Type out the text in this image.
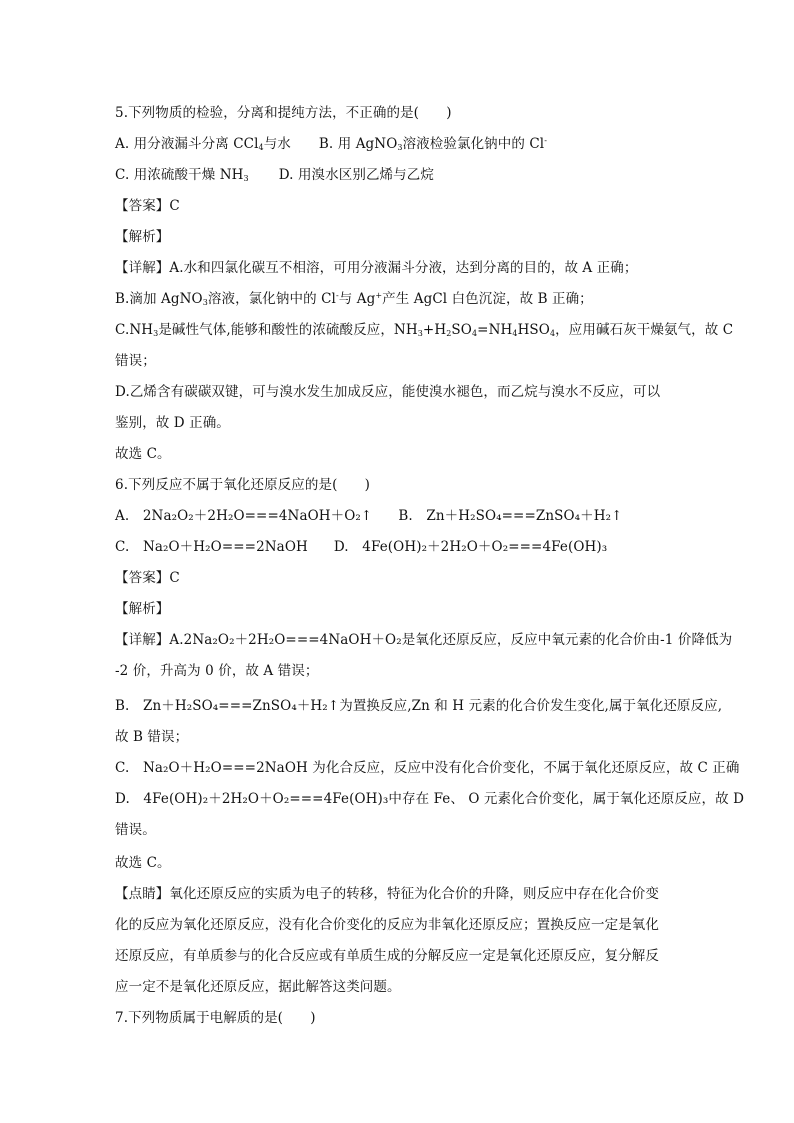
5.下列物质的检验，分离和提纯方法，不正确的是(　　)
A. 用分液漏斗分离 CCl$_4$与水 B. 用 AgNO$_3$溶液检验氯化钠中的 Cl-
C. 用浓硫酸干燥 $NH_3$ D. 用溴水区别乙烯与乙烷
【答案】C
【解析】
【详解】A.水和四氯化碳互不相溶，可用分液漏斗分液，达到分离的目的，故 A 正确；
B.滴加 AgNO$_3$溶液，氯化钠中的 Cl-与 Ag+产生 AgCl 白色沉淀，故 B 正确；
$C.NH_3$是碱性气体,能够和酸性的浓硫酸反应，$NH_3+H_2SO_4=NH_4HSO_4$，应用碱石灰干燥氨气，故 C
错误；
D.乙烯含有碳碳双键，可与溴水发生加成反应，能使溴水褪色，而乙烷与溴水不反应，可以
鉴别，故 D 正确。
故选 C。
6.下列反应不属于氧化还原反应的是(　　)
A.　2Na₂O₂＋2H₂O===4NaOH＋O₂↑ B.　Zn＋H₂SO₄===ZnSO₄＋H₂↑
C.　Na₂O＋H₂O===2NaOH D.　4Fe(OH)₂＋2H₂O＋O₂===4Fe(OH)₃
【答案】C
【解析】
【详解】A.2Na₂O₂＋2H₂O===4NaOH＋O₂是氧化还原反应，反应中氧元素的化合价由-1 价降低为
-2 价，升高为 0 价，故 A 错误；
B.　Zn＋H₂SO₄===ZnSO₄＋H₂↑为置换反应,Zn 和 H 元素的化合价发生变化,属于氧化还原反应,
故 B 错误；
C.　Na₂O＋H₂O===2NaOH 为化合反应，反应中没有化合价变化，不属于氧化还原反应，故 C 正确
D.　4Fe(OH)₂＋2H₂O＋O₂===4Fe(OH)₃中存在 Fe、 O 元素化合价变化，属于氧化还原反应，故 D
错误。
故选 C。
【点睛】氧化还原反应的实质为电子的转移，特征为化合价的升降，则反应中存在化合价变
化的反应为氧化还原反应，没有化合价变化的反应为非氧化还原反应；置换反应一定是氧化
还原反应，有单质参与的化合反应或有单质生成的分解反应一定是氧化还原反应，复分解反
应一定不是氧化还原反应，据此解答这类问题。
7.下列物质属于电解质的是(　　)
